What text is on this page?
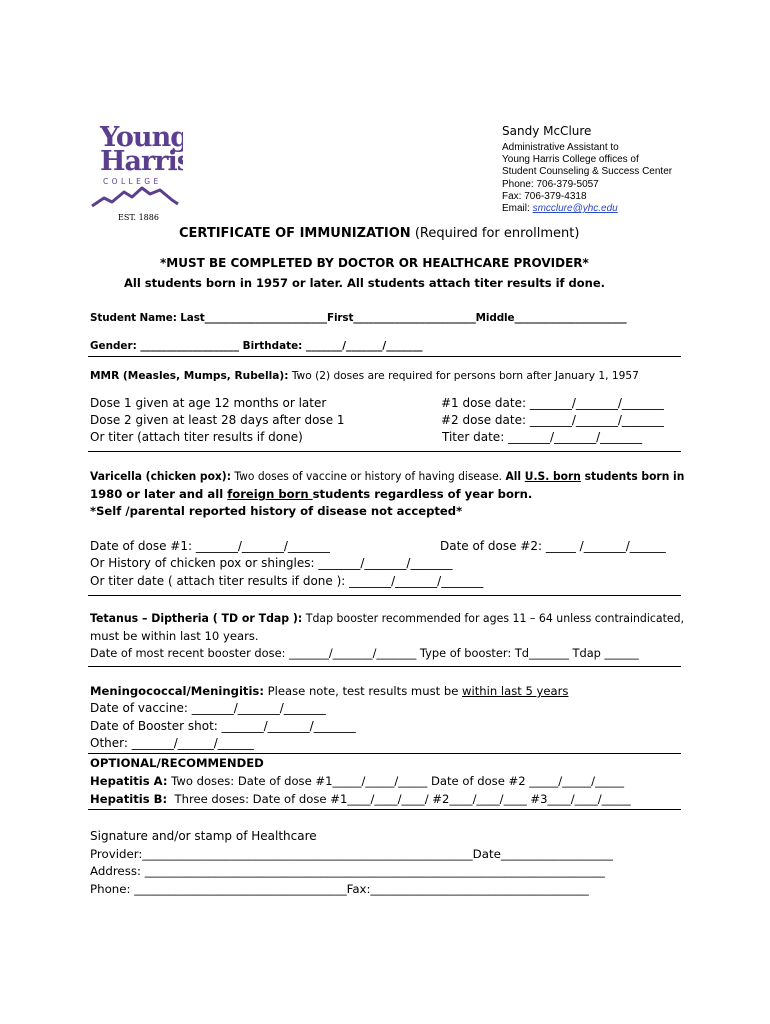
Young
Harris
COLLEGE
EST. 1886
Sandy McClure
Administrative Assistant to
Young Harris College offices of
Student Counseling & Success Center
Phone: 706-379-5057
Fax: 706-379-4318
Email: smcclure@yhc.edu
CERTIFICATE OF IMMUNIZATION (Required for enrollment)
*MUST BE COMPLETED BY DOCTOR OR HEALTHCARE PROVIDER*
All students born in 1957 or later. All students attach titer results if done.
Student Name: Last________________________First________________________Middle______________________
Gender: ___________________ Birthdate: _______/_______/_______
MMR (Measles, Mumps, Rubella): Two (2) doses are required for persons born after January 1, 1957
Dose 1 given at age 12 months or later
Dose 2 given at least 28 days after dose 1
Or titer (attach titer results if done)
#1 dose date: _______/_______/_______
#2 dose date: _______/_______/_______
Titer date: _______/_______/_______
Varicella (chicken pox): Two doses of vaccine or history of having disease. All U.S. born students born in
1980 or later and all foreign born students regardless of year born.
*Self /parental reported history of disease not accepted*
Date of dose #1: _______/_______/_______	Date of dose #2: _____ /_______/______
Or History of chicken pox or shingles: _______/_______/_______
Or titer date ( attach titer results if done ): _______/_______/_______
Tetanus – Diptheria ( TD or Tdap ): Tdap booster recommended for ages 11 – 64 unless contraindicated,
must be within last 10 years.
Date of most recent booster dose: _______/_______/_______ Type of booster: Td_______ Tdap ______
Meningococcal/Meningitis: Please note, test results must be within last 5 years
Date of vaccine: _______/_______/_______
Date of Booster shot: _______/_______/_______
Other: _______/______/______
OPTIONAL/RECOMMENDED
Hepatitis A: Two doses: Date of dose #1_____/_____/_____ Date of dose #2 _____/_____/_____
Hepatitis B:  Three doses: Date of dose #1____/____/____/ #2____/____/____ #3____/____/_____
Signature and/or stamp of Healthcare
Provider:________________________________________________________Date___________________
Address: ______________________________________________________________________________
Phone: ____________________________________Fax:_____________________________________
